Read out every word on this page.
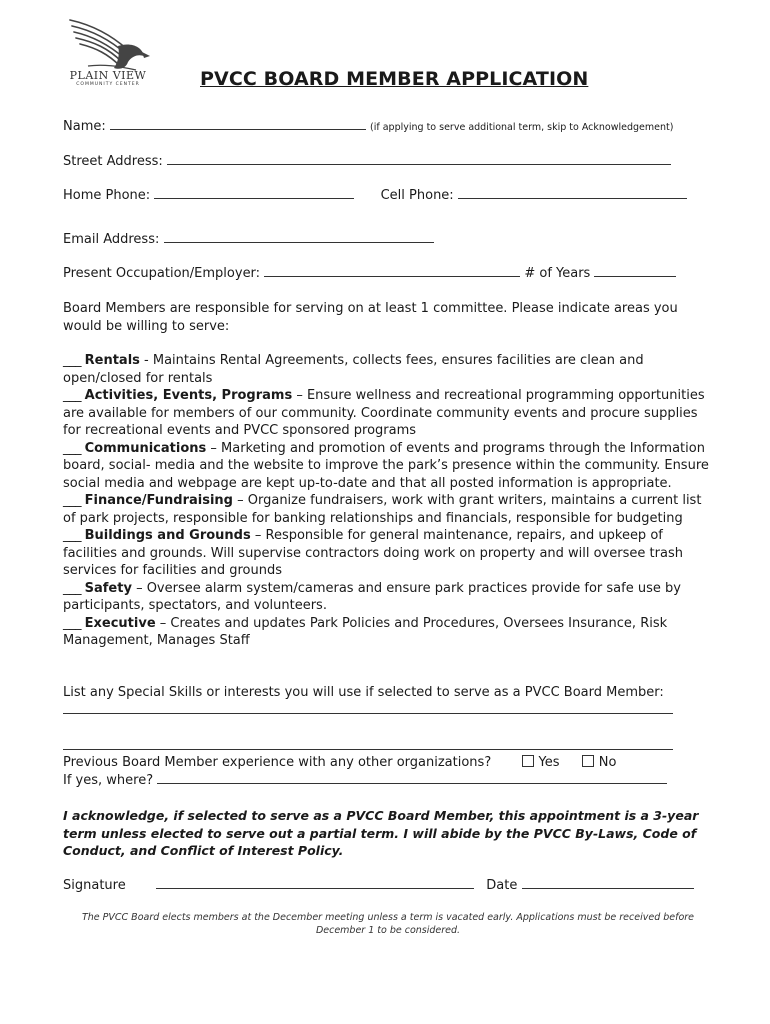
PLAIN VIEW
COMMUNITY CENTER	PVCC BOARD MEMBER APPLICATION
Name:	(if applying to serve additional term, skip to Acknowledgement)
Street Address:
Home Phone:	Cell Phone:
Email Address:
Present Occupation/Employer:	# of Years
Board Members are responsible for serving on at least 1 committee. Please indicate areas you would be willing to serve:
___ Rentals - Maintains Rental Agreements, collects fees, ensures facilities are clean and open/closed for rentals
___ Activities, Events, Programs – Ensure wellness and recreational programming opportunities are available for members of our community. Coordinate community events and procure supplies for recreational events and PVCC sponsored programs
___ Communications – Marketing and promotion of events and programs through the Information board, social- media and the website to improve the park’s presence within the community. Ensure social media and webpage are kept up-to-date and that all posted information is appropriate.
___ Finance/Fundraising – Organize fundraisers, work with grant writers, maintains a current list of park projects, responsible for banking relationships and financials, responsible for budgeting
___ Buildings and Grounds – Responsible for general maintenance, repairs, and upkeep of facilities and grounds. Will supervise contractors doing work on property and will oversee trash services for facilities and grounds
___ Safety – Oversee alarm system/cameras and ensure park practices provide for safe use by participants, spectators, and volunteers.
___ Executive – Creates and updates Park Policies and Procedures, Oversees Insurance, Risk Management, Manages Staff
List any Special Skills or interests you will use if selected to serve as a PVCC Board Member:
Previous Board Member experience with any other organizations?	Yes	No
If yes, where?
I acknowledge, if selected to serve as a PVCC Board Member, this appointment is a 3-year term unless elected to serve out a partial term. I will abide by the PVCC By-Laws, Code of Conduct, and Conflict of Interest Policy.
Signature	Date
The PVCC Board elects members at the December meeting unless a term is vacated early. Applications must be received before December 1 to be considered.
